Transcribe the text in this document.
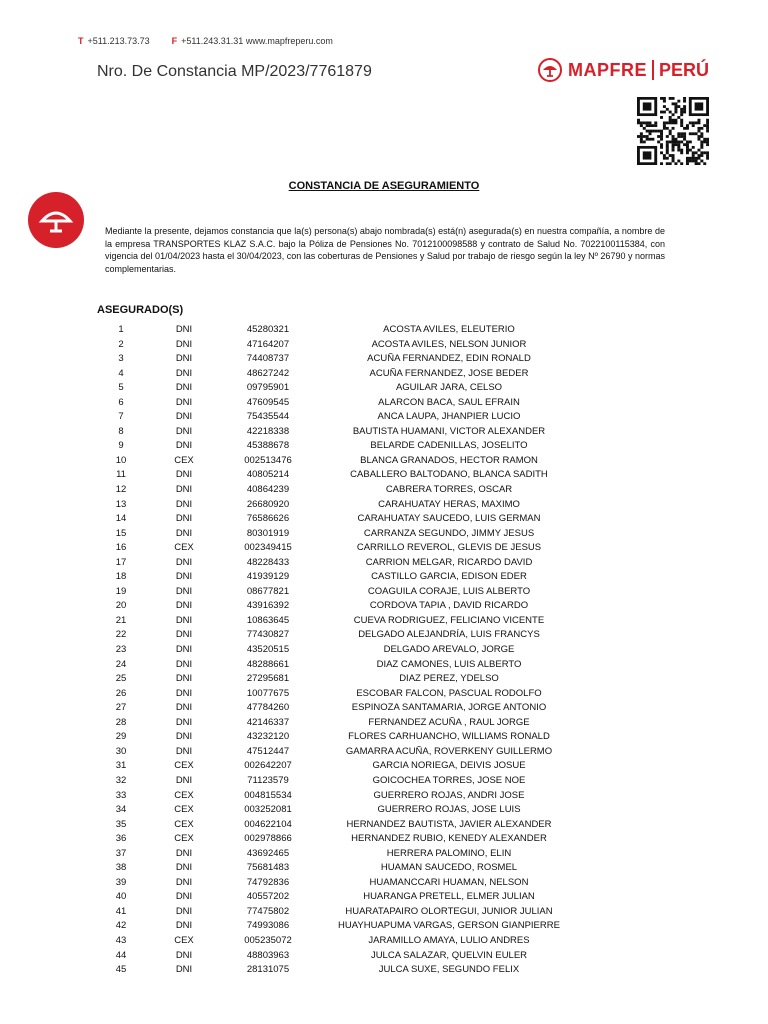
T +511.213.73.73 F +511.243.31.31 www.mapfreperu.com
Nro. De Constancia MP/2023/7761879	MAPFRE PERÚ
CONSTANCIA DE ASEGURAMIENTO
Mediante la presente, dejamos constancia que la(s) persona(s) abajo nombrada(s) está(n) asegurada(s) en nuestra compañía, a nombre de la empresa TRANSPORTES KLAZ S.A.C. bajo la Póliza de Pensiones No. 7012100098588 y contrato de Salud No. 7022100115384, con vigencia del 01/04/2023 hasta el 30/04/2023, con las coberturas de Pensiones y Salud por trabajo de riesgo según la ley Nº 26790 y normas complementarias.
ASEGURADO(S)
1	DNI	45280321	ACOSTA AVILES, ELEUTERIO
2	DNI	47164207	ACOSTA AVILES, NELSON JUNIOR
3	DNI	74408737	ACUÑA FERNANDEZ, EDIN RONALD
4	DNI	48627242	ACUÑA FERNANDEZ, JOSE BEDER
5	DNI	09795901	AGUILAR JARA, CELSO
6	DNI	47609545	ALARCON BACA, SAUL EFRAIN
7	DNI	75435544	ANCA LAUPA, JHANPIER LUCIO
8	DNI	42218338	BAUTISTA HUAMANI, VICTOR ALEXANDER
9	DNI	45388678	BELARDE CADENILLAS, JOSELITO
10	CEX	002513476	BLANCA GRANADOS, HECTOR RAMON
11	DNI	40805214	CABALLERO BALTODANO, BLANCA SADITH
12	DNI	40864239	CABRERA TORRES, OSCAR
13	DNI	26680920	CARAHUATAY HERAS, MAXIMO
14	DNI	76586626	CARAHUATAY SAUCEDO, LUIS GERMAN
15	DNI	80301919	CARRANZA SEGUNDO, JIMMY JESUS
16	CEX	002349415	CARRILLO REVEROL, GLEVIS DE JESUS
17	DNI	48228433	CARRION MELGAR, RICARDO DAVID
18	DNI	41939129	CASTILLO GARCIA, EDISON EDER
19	DNI	08677821	COAGUILA CORAJE, LUIS ALBERTO
20	DNI	43916392	CORDOVA TAPIA , DAVID RICARDO
21	DNI	10863645	CUEVA RODRIGUEZ, FELICIANO VICENTE
22	DNI	77430827	DELGADO ALEJANDRÍA, LUIS FRANCYS
23	DNI	43520515	DELGADO AREVALO, JORGE
24	DNI	48288661	DIAZ CAMONES, LUIS ALBERTO
25	DNI	27295681	DIAZ PEREZ, YDELSO
26	DNI	10077675	ESCOBAR FALCON, PASCUAL RODOLFO
27	DNI	47784260	ESPINOZA SANTAMARIA, JORGE ANTONIO
28	DNI	42146337	FERNANDEZ ACUÑA , RAUL JORGE
29	DNI	43232120	FLORES CARHUANCHO, WILLIAMS RONALD
30	DNI	47512447	GAMARRA ACUÑA, ROVERKENY GUILLERMO
31	CEX	002642207	GARCIA NORIEGA, DEIVIS JOSUE
32	DNI	71123579	GOICOCHEA TORRES, JOSE NOE
33	CEX	004815534	GUERRERO ROJAS, ANDRI JOSE
34	CEX	003252081	GUERRERO ROJAS, JOSE LUIS
35	CEX	004622104	HERNANDEZ BAUTISTA, JAVIER ALEXANDER
36	CEX	002978866	HERNANDEZ RUBIO, KENEDY ALEXANDER
37	DNI	43692465	HERRERA PALOMINO, ELIN
38	DNI	75681483	HUAMAN SAUCEDO, ROSMEL
39	DNI	74792836	HUAMANCCARI HUAMAN, NELSON
40	DNI	40557202	HUARANGA PRETELL, ELMER JULIAN
41	DNI	77475802	HUARATAPAIRO OLORTEGUI, JUNIOR JULIAN
42	DNI	74993086	HUAYHUAPUMA VARGAS, GERSON GIANPIERRE
43	CEX	005235072	JARAMILLO AMAYA, LULIO ANDRES
44	DNI	48803963	JULCA SALAZAR, QUELVIN EULER
45	DNI	28131075	JULCA SUXE, SEGUNDO FELIX
